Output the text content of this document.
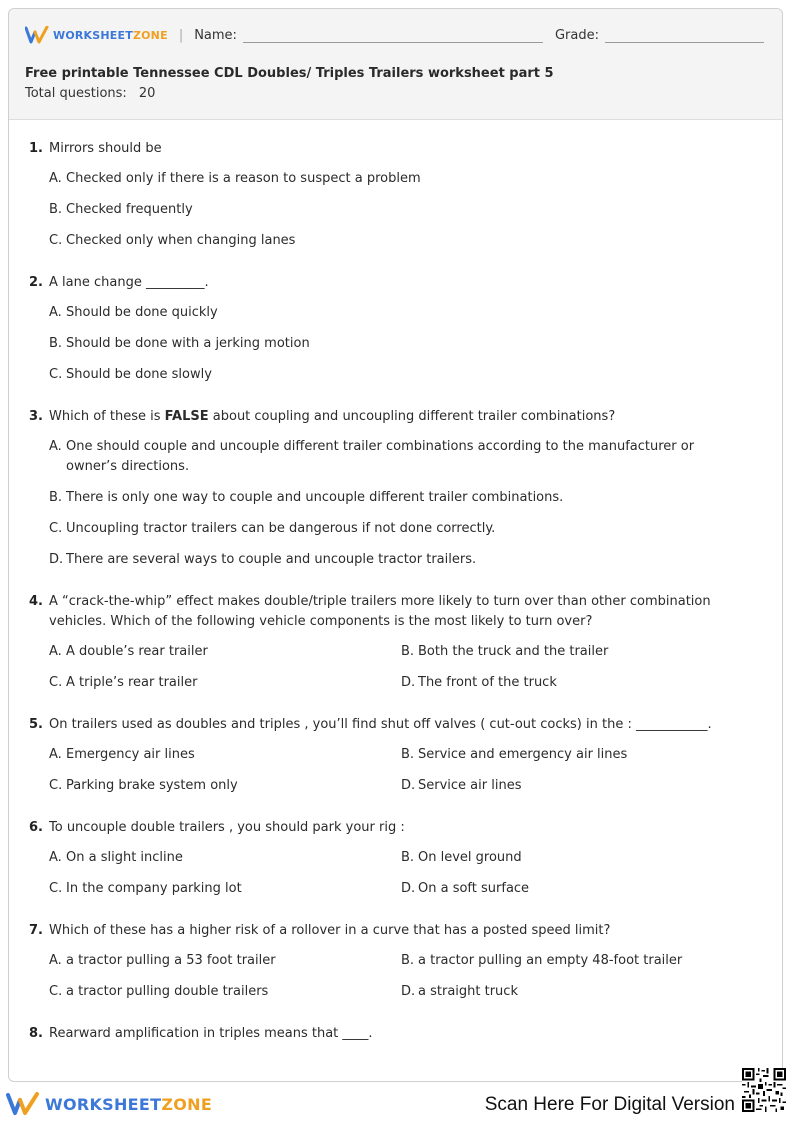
WORKSHEETZONE | Name:	Grade:
Free printable Tennessee CDL Doubles/ Triples Trailers worksheet part 5
Total questions: 20
1. Mirrors should be
A. Checked only if there is a reason to suspect a problem
B. Checked frequently
C. Checked only when changing lanes
2. A lane change _________.
A. Should be done quickly
B. Should be done with a jerking motion
C. Should be done slowly
3. Which of these is FALSE about coupling and uncoupling different trailer combinations?
A. One should couple and uncouple different trailer combinations according to the manufacturer or owner’s directions.
B. There is only one way to couple and uncouple different trailer combinations.
C. Uncoupling tractor trailers can be dangerous if not done correctly.
D. There are several ways to couple and uncouple tractor trailers.
4. A “crack-the-whip” effect makes double/triple trailers more likely to turn over than other combination vehicles. Which of the following vehicle components is the most likely to turn over?
A. A double’s rear trailer	B. Both the truck and the trailer
C. A triple’s rear trailer	D. The front of the truck
5. On trailers used as doubles and triples , you’ll find shut off valves ( cut-out cocks) in the : ___________.
A. Emergency air lines	B. Service and emergency air lines
C. Parking brake system only	D. Service air lines
6. To uncouple double trailers , you should park your rig :
A. On a slight incline	B. On level ground
C. In the company parking lot	D. On a soft surface
7. Which of these has a higher risk of a rollover in a curve that has a posted speed limit?
A. a tractor pulling a 53 foot trailer	B. a tractor pulling an empty 48-foot trailer
C. a tractor pulling double trailers	D. a straight truck
8. Rearward amplification in triples means that ____.
WORKSHEETZONE	Scan Here For Digital Version
